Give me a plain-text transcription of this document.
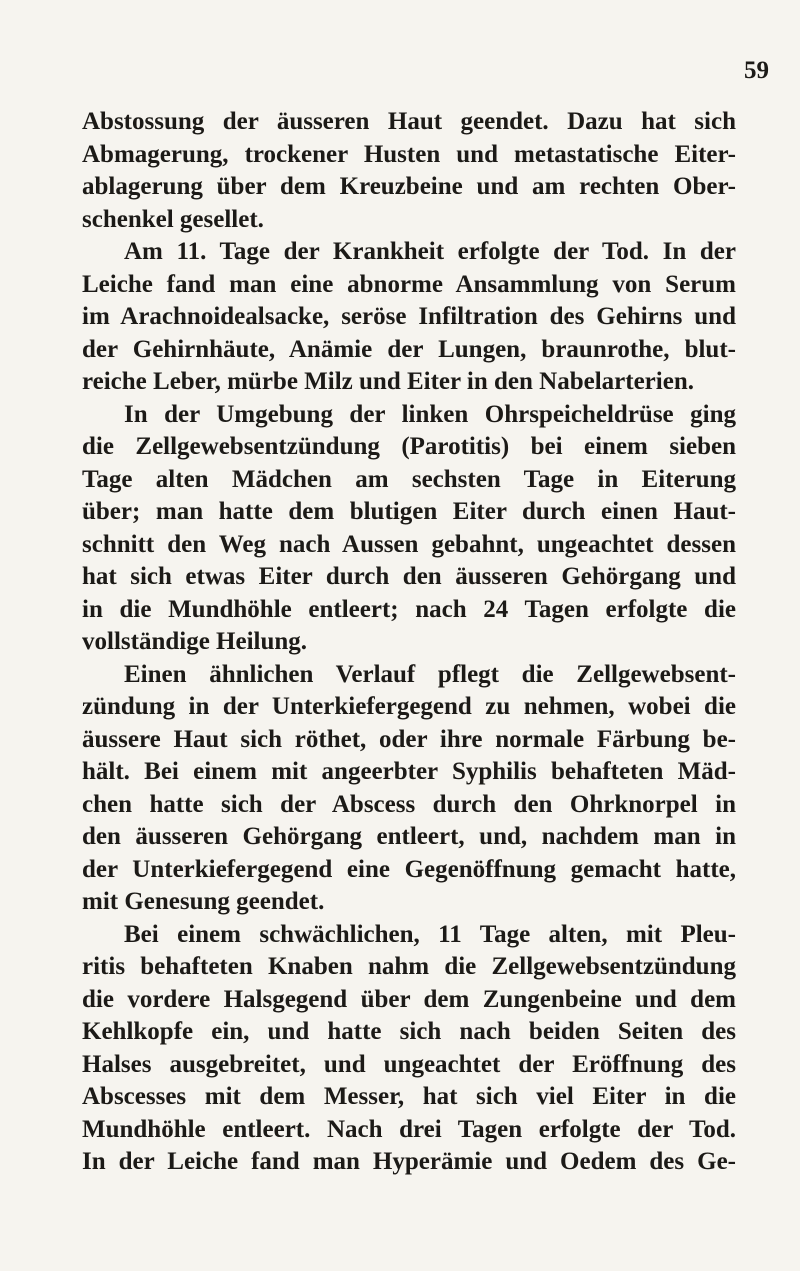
59
Abstossung der äusseren Haut geendet. Dazu hat sich
Abmagerung, trockener Husten und metastatische Eiter-
ablagerung über dem Kreuzbeine und am rechten Ober-
schenkel gesellet.
Am 11. Tage der Krankheit erfolgte der Tod. In der
Leiche fand man eine abnorme Ansammlung von Serum
im Arachnoidealsacke, seröse Infiltration des Gehirns und
der Gehirnhäute, Anämie der Lungen, braunrothe, blut-
reiche Leber, mürbe Milz und Eiter in den Nabelarterien.
In der Umgebung der linken Ohrspeicheldrüse ging
die Zellgewebsentzündung (Parotitis) bei einem sieben
Tage alten Mädchen am sechsten Tage in Eiterung
über; man hatte dem blutigen Eiter durch einen Haut-
schnitt den Weg nach Aussen gebahnt, ungeachtet dessen
hat sich etwas Eiter durch den äusseren Gehörgang und
in die Mundhöhle entleert; nach 24 Tagen erfolgte die
vollständige Heilung.
Einen ähnlichen Verlauf pflegt die Zellgewebsent-
zündung in der Unterkiefergegend zu nehmen, wobei die
äussere Haut sich röthet, oder ihre normale Färbung be-
hält. Bei einem mit angeerbter Syphilis behafteten Mäd-
chen hatte sich der Abscess durch den Ohrknorpel in
den äusseren Gehörgang entleert, und, nachdem man in
der Unterkiefergegend eine Gegenöffnung gemacht hatte,
mit Genesung geendet.
Bei einem schwächlichen, 11 Tage alten, mit Pleu-
ritis behafteten Knaben nahm die Zellgewebsentzündung
die vordere Halsgegend über dem Zungenbeine und dem
Kehlkopfe ein, und hatte sich nach beiden Seiten des
Halses ausgebreitet, und ungeachtet der Eröffnung des
Abscesses mit dem Messer, hat sich viel Eiter in die
Mundhöhle entleert. Nach drei Tagen erfolgte der Tod.
In der Leiche fand man Hyperämie und Oedem des Ge-
